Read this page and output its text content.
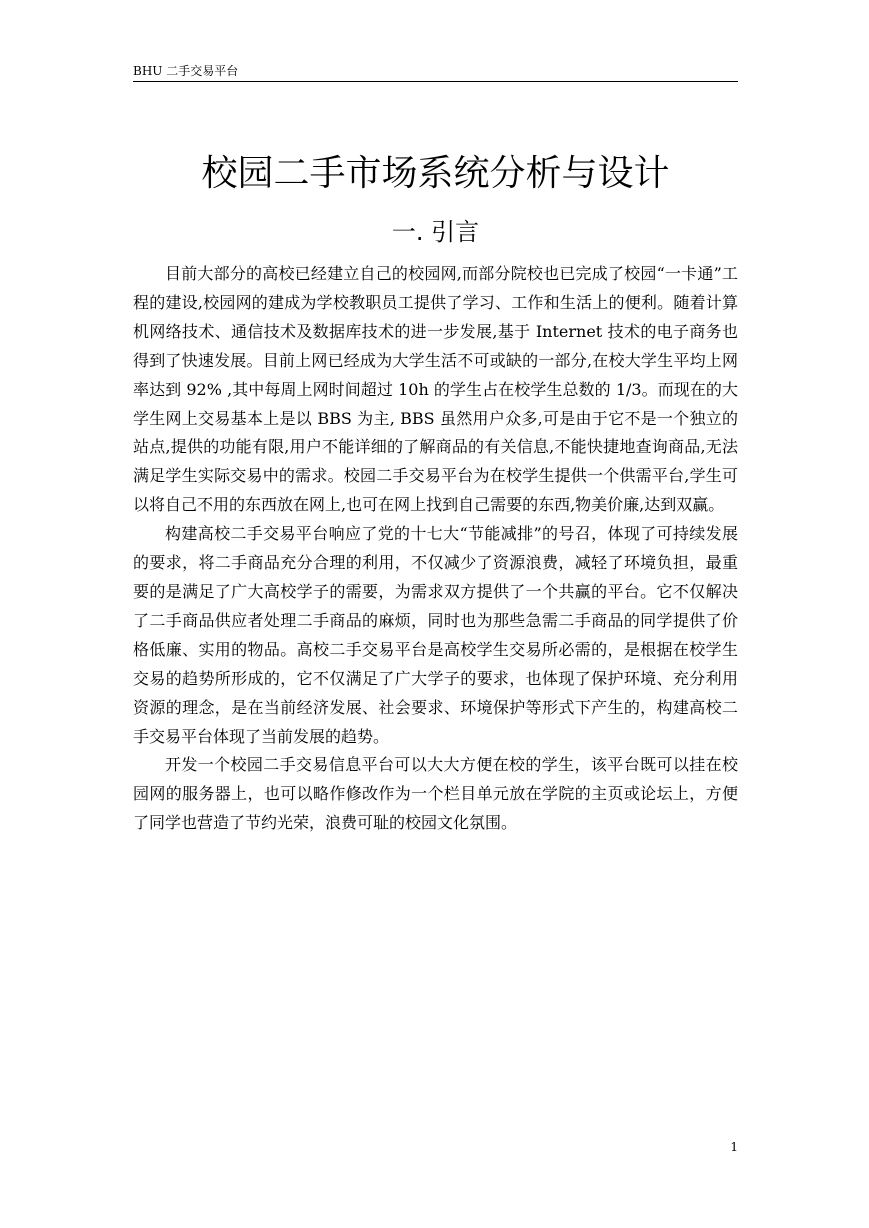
BHU 二手交易平台
校园二手市场系统分析与设计
一. 引言

目前大部分的高校已经建立自己的校园网,而部分院校也已完成了校园“一卡通”工程的建设,校园网的建成为学校教职员工提供了学习、工作和生活上的便利。随着计算机网络技术、通信技术及数据库技术的进一步发展,基于 Internet 技术的电子商务也得到了快速发展。目前上网已经成为大学生活不可或缺的一部分,在校大学生平均上网率达到 92% ,其中每周上网时间超过 10h 的学生占在校学生总数的 1/3。而现在的大学生网上交易基本上是以 BBS 为主, BBS 虽然用户众多,可是由于它不是一个独立的站点,提供的功能有限,用户不能详细的了解商品的有关信息,不能快捷地查询商品,无法满足学生实际交易中的需求。校园二手交易平台为在校学生提供一个供需平台,学生可以将自己不用的东西放在网上,也可在网上找到自己需要的东西,物美价廉,达到双赢。

构建高校二手交易平台响应了党的十七大“节能减排”的号召，体现了可持续发展的要求，将二手商品充分合理的利用，不仅减少了资源浪费，减轻了环境负担，最重要的是满足了广大高校学子的需要，为需求双方提供了一个共赢的平台。它不仅解决了二手商品供应者处理二手商品的麻烦，同时也为那些急需二手商品的同学提供了价格低廉、实用的物品。高校二手交易平台是高校学生交易所必需的，是根据在校学生交易的趋势所形成的，它不仅满足了广大学子的要求，也体现了保护环境、充分利用资源的理念，是在当前经济发展、社会要求、环境保护等形式下产生的，构建高校二手交易平台体现了当前发展的趋势。

开发一个校园二手交易信息平台可以大大方便在校的学生，该平台既可以挂在校园网的服务器上，也可以略作修改作为一个栏目单元放在学院的主页或论坛上，方便了同学也营造了节约光荣，浪费可耻的校园文化氛围。

1
